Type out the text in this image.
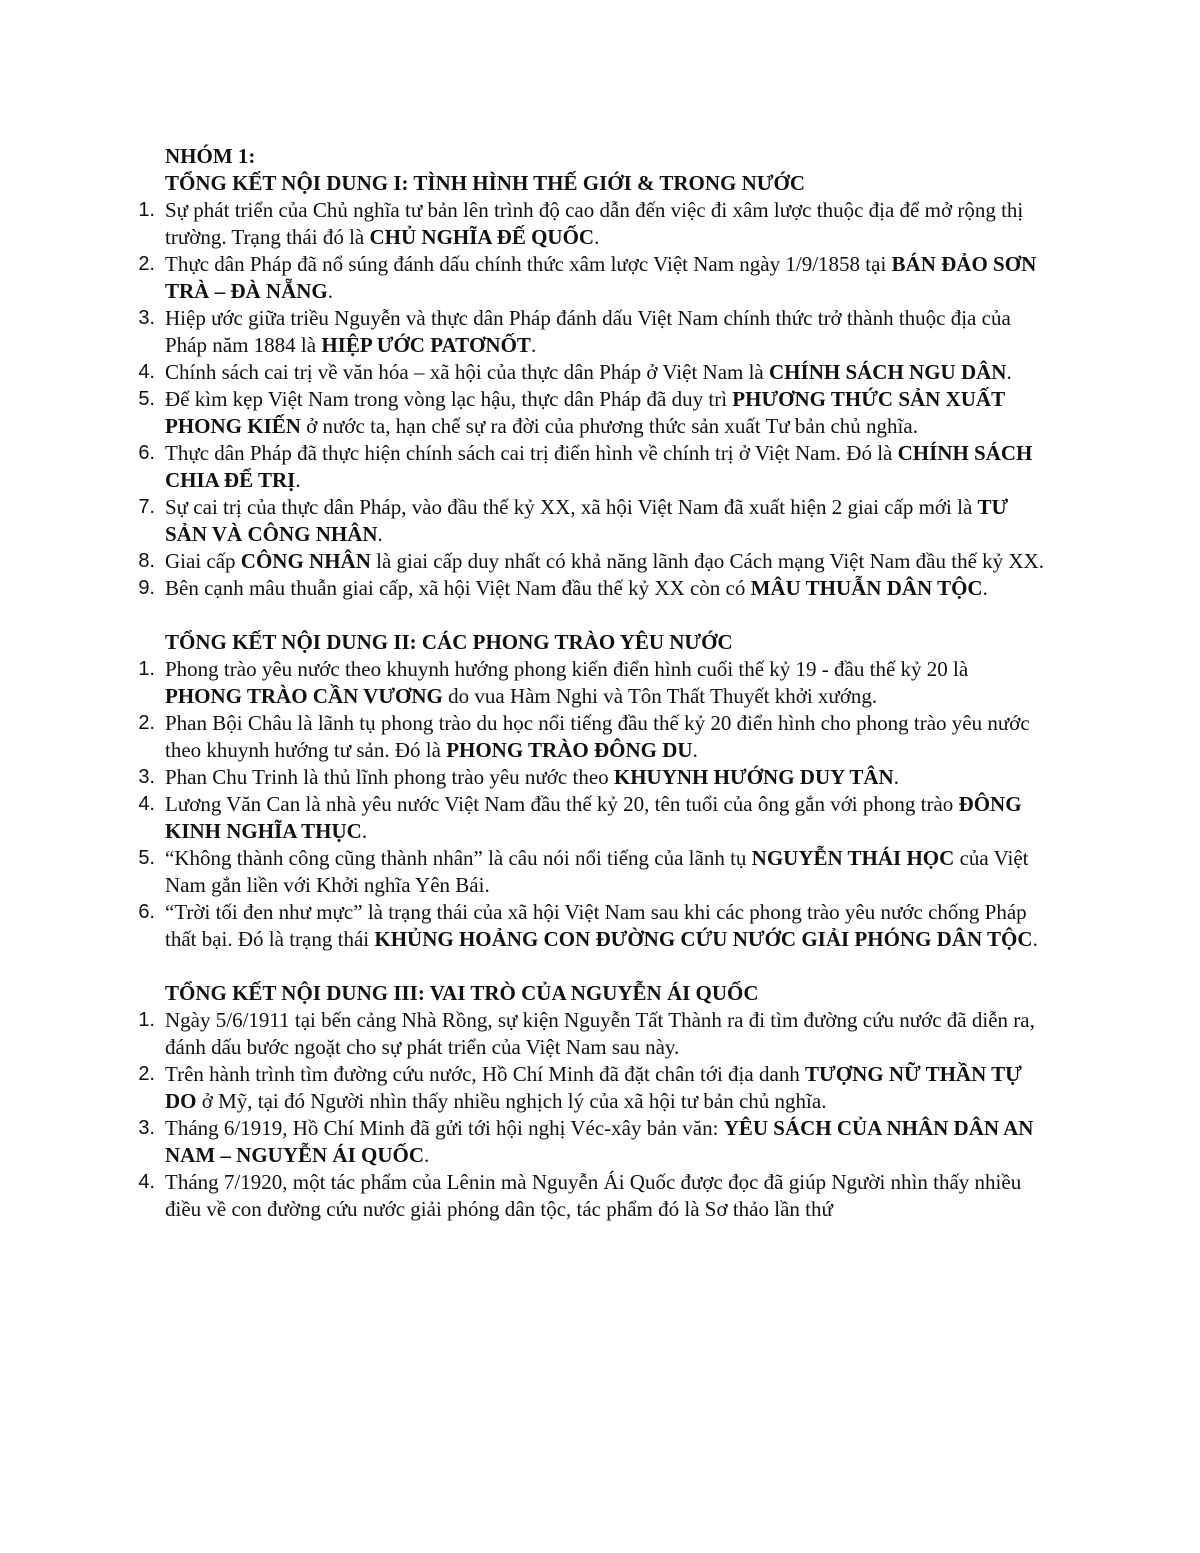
NHÓM 1:

TỔNG KẾT NỘI DUNG I: TÌNH HÌNH THẾ GIỚI & TRONG NƯỚC

1. Sự phát triển của Chủ nghĩa tư bản lên trình độ cao dẫn đến việc đi xâm lược thuộc địa để mở rộng thị trường. Trạng thái đó là CHỦ NGHĨA ĐẾ QUỐC.
2. Thực dân Pháp đã nổ súng đánh dấu chính thức xâm lược Việt Nam ngày 1/9/1858 tại BÁN ĐẢO SƠN TRÀ – ĐÀ NẴNG.
3. Hiệp ước giữa triều Nguyễn và thực dân Pháp đánh dấu Việt Nam chính thức trở thành thuộc địa của Pháp năm 1884 là HIỆP ƯỚC PATƠNỐT.
4. Chính sách cai trị về văn hóa – xã hội của thực dân Pháp ở Việt Nam là CHÍNH SÁCH NGU DÂN.
5. Để kìm kẹp Việt Nam trong vòng lạc hậu, thực dân Pháp đã duy trì PHƯƠNG THỨC SẢN XUẤT PHONG KIẾN ở nước ta, hạn chế sự ra đời của phương thức sản xuất Tư bản chủ nghĩa.
6. Thực dân Pháp đã thực hiện chính sách cai trị điển hình về chính trị ở Việt Nam. Đó là CHÍNH SÁCH CHIA ĐỂ TRỊ.
7. Sự cai trị của thực dân Pháp, vào đầu thế kỷ XX, xã hội Việt Nam đã xuất hiện 2 giai cấp mới là TƯ SẢN VÀ CÔNG NHÂN.
8. Giai cấp CÔNG NHÂN là giai cấp duy nhất có khả năng lãnh đạo Cách mạng Việt Nam đầu thế kỷ XX.
9. Bên cạnh mâu thuẫn giai cấp, xã hội Việt Nam đầu thế kỷ XX còn có MÂU THUẪN DÂN TỘC.

TỔNG KẾT NỘI DUNG II: CÁC PHONG TRÀO YÊU NƯỚC

1. Phong trào yêu nước theo khuynh hướng phong kiến điển hình cuối thế kỷ 19 - đầu thế kỷ 20 là PHONG TRÀO CẦN VƯƠNG do vua Hàm Nghi và Tôn Thất Thuyết khởi xướng.
2. Phan Bội Châu là lãnh tụ phong trào du học nổi tiếng đầu thế kỷ 20 điển hình cho phong trào yêu nước theo khuynh hướng tư sản. Đó là PHONG TRÀO ĐÔNG DU.
3. Phan Chu Trinh là thủ lĩnh phong trào yêu nước theo KHUYNH HƯỚNG DUY TÂN.
4. Lương Văn Can là nhà yêu nước Việt Nam đầu thế kỷ 20, tên tuổi của ông gắn với phong trào ĐÔNG KINH NGHĨA THỤC.
5. “Không thành công cũng thành nhân” là câu nói nổi tiếng của lãnh tụ NGUYỄN THÁI HỌC của Việt Nam gắn liền với Khởi nghĩa Yên Bái.
6. “Trời tối đen như mực” là trạng thái của xã hội Việt Nam sau khi các phong trào yêu nước chống Pháp thất bại. Đó là trạng thái KHỦNG HOẢNG CON ĐƯỜNG CỨU NƯỚC GIẢI PHÓNG DÂN TỘC.

TỔNG KẾT NỘI DUNG III: VAI TRÒ CỦA NGUYỄN ÁI QUỐC

1. Ngày 5/6/1911 tại bến cảng Nhà Rồng, sự kiện Nguyễn Tất Thành ra đi tìm đường cứu nước đã diễn ra, đánh dấu bước ngoặt cho sự phát triển của Việt Nam sau này.
2. Trên hành trình tìm đường cứu nước, Hồ Chí Minh đã đặt chân tới địa danh TƯỢNG NỮ THẦN TỰ DO ở Mỹ, tại đó Người nhìn thấy nhiều nghịch lý của xã hội tư bản chủ nghĩa.
3. Tháng 6/1919, Hồ Chí Minh đã gửi tới hội nghị Véc-xây bản văn: YÊU SÁCH CỦA NHÂN DÂN AN NAM – NGUYỄN ÁI QUỐC.
4. Tháng 7/1920, một tác phẩm của Lênin mà Nguyễn Ái Quốc được đọc đã giúp Người nhìn thấy nhiều điều về con đường cứu nước giải phóng dân tộc, tác phẩm đó là Sơ thảo lần thứ
